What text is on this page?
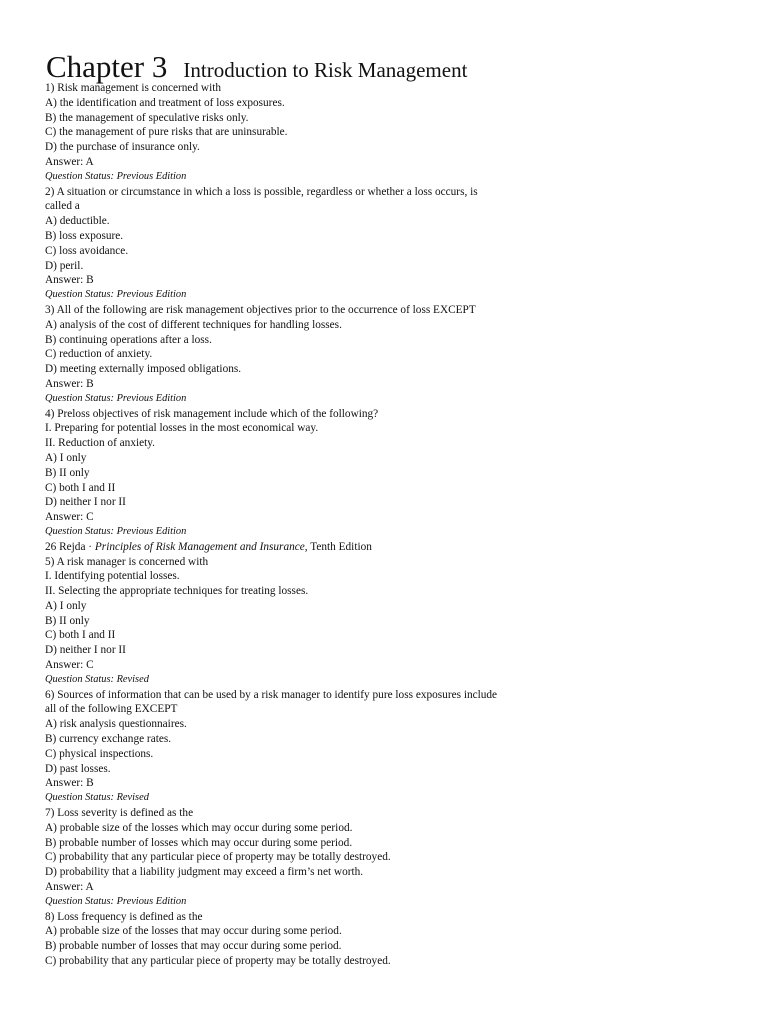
Chapter 3 Introduction to Risk Management
1) Risk management is concerned with
A) the identification and treatment of loss exposures.
B) the management of speculative risks only.
C) the management of pure risks that are uninsurable.
D) the purchase of insurance only.
Answer: A
Question Status: Previous Edition
2) A situation or circumstance in which a loss is possible, regardless or whether a loss occurs, is
called a
A) deductible.
B) loss exposure.
C) loss avoidance.
D) peril.
Answer: B
Question Status: Previous Edition
3) All of the following are risk management objectives prior to the occurrence of loss EXCEPT
A) analysis of the cost of different techniques for handling losses.
B) continuing operations after a loss.
C) reduction of anxiety.
D) meeting externally imposed obligations.
Answer: B
Question Status: Previous Edition
4) Preloss objectives of risk management include which of the following?
I. Preparing for potential losses in the most economical way.
II. Reduction of anxiety.
A) I only
B) II only
C) both I and II
D) neither I nor II
Answer: C
Question Status: Previous Edition
26 Rejda · Principles of Risk Management and Insurance, Tenth Edition
5) A risk manager is concerned with
I. Identifying potential losses.
II. Selecting the appropriate techniques for treating losses.
A) I only
B) II only
C) both I and II
D) neither I nor II
Answer: C
Question Status: Revised
6) Sources of information that can be used by a risk manager to identify pure loss exposures include
all of the following EXCEPT
A) risk analysis questionnaires.
B) currency exchange rates.
C) physical inspections.
D) past losses.
Answer: B
Question Status: Revised
7) Loss severity is defined as the
A) probable size of the losses which may occur during some period.
B) probable number of losses which may occur during some period.
C) probability that any particular piece of property may be totally destroyed.
D) probability that a liability judgment may exceed a firm’s net worth.
Answer: A
Question Status: Previous Edition
8) Loss frequency is defined as the
A) probable size of the losses that may occur during some period.
B) probable number of losses that may occur during some period.
C) probability that any particular piece of property may be totally destroyed.
